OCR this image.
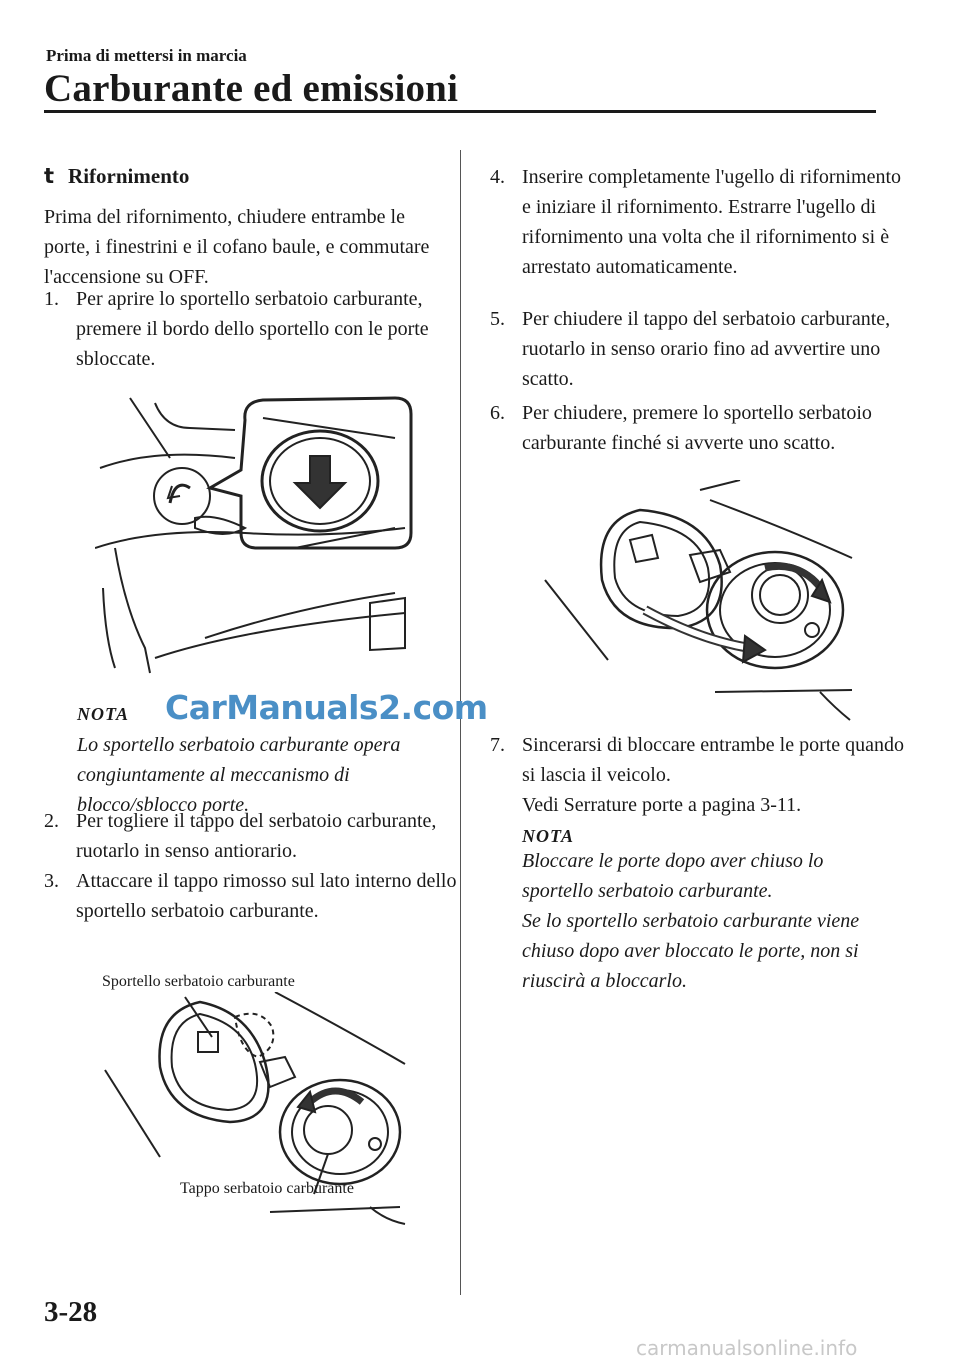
Prima di mettersi in marcia
Carburante ed emissioni
t Rifornimento
Prima del rifornimento, chiudere entrambe le porte, i finestrini e il cofano baule, e commutare l'accensione su OFF.
1. Per aprire lo sportello serbatoio carburante, premere il bordo dello sportello con le porte sbloccate.
NOTA
Lo sportello serbatoio carburante opera congiuntamente al meccanismo di blocco/sblocco porte.
CarManuals2.com
2. Per togliere il tappo del serbatoio carburante, ruotarlo in senso antiorario.
3. Attaccare il tappo rimosso sul lato interno dello sportello serbatoio carburante.
Sportello serbatoio carburante
Tappo serbatoio carburante
4. Inserire completamente l'ugello di rifornimento e iniziare il rifornimento. Estrarre l'ugello di rifornimento una volta che il rifornimento si è arrestato automaticamente.
5. Per chiudere il tappo del serbatoio carburante, ruotarlo in senso orario fino ad avvertire uno scatto.
6. Per chiudere, premere lo sportello serbatoio carburante finché si avverte uno scatto.
7. Sincerarsi di bloccare entrambe le porte quando si lascia il veicolo.
Vedi Serrature porte a pagina 3-11.
NOTA
Bloccare le porte dopo aver chiuso lo sportello serbatoio carburante.
Se lo sportello serbatoio carburante viene chiuso dopo aver bloccato le porte, non si riuscirà a bloccarlo.
3-28
carmanualsonline.info
